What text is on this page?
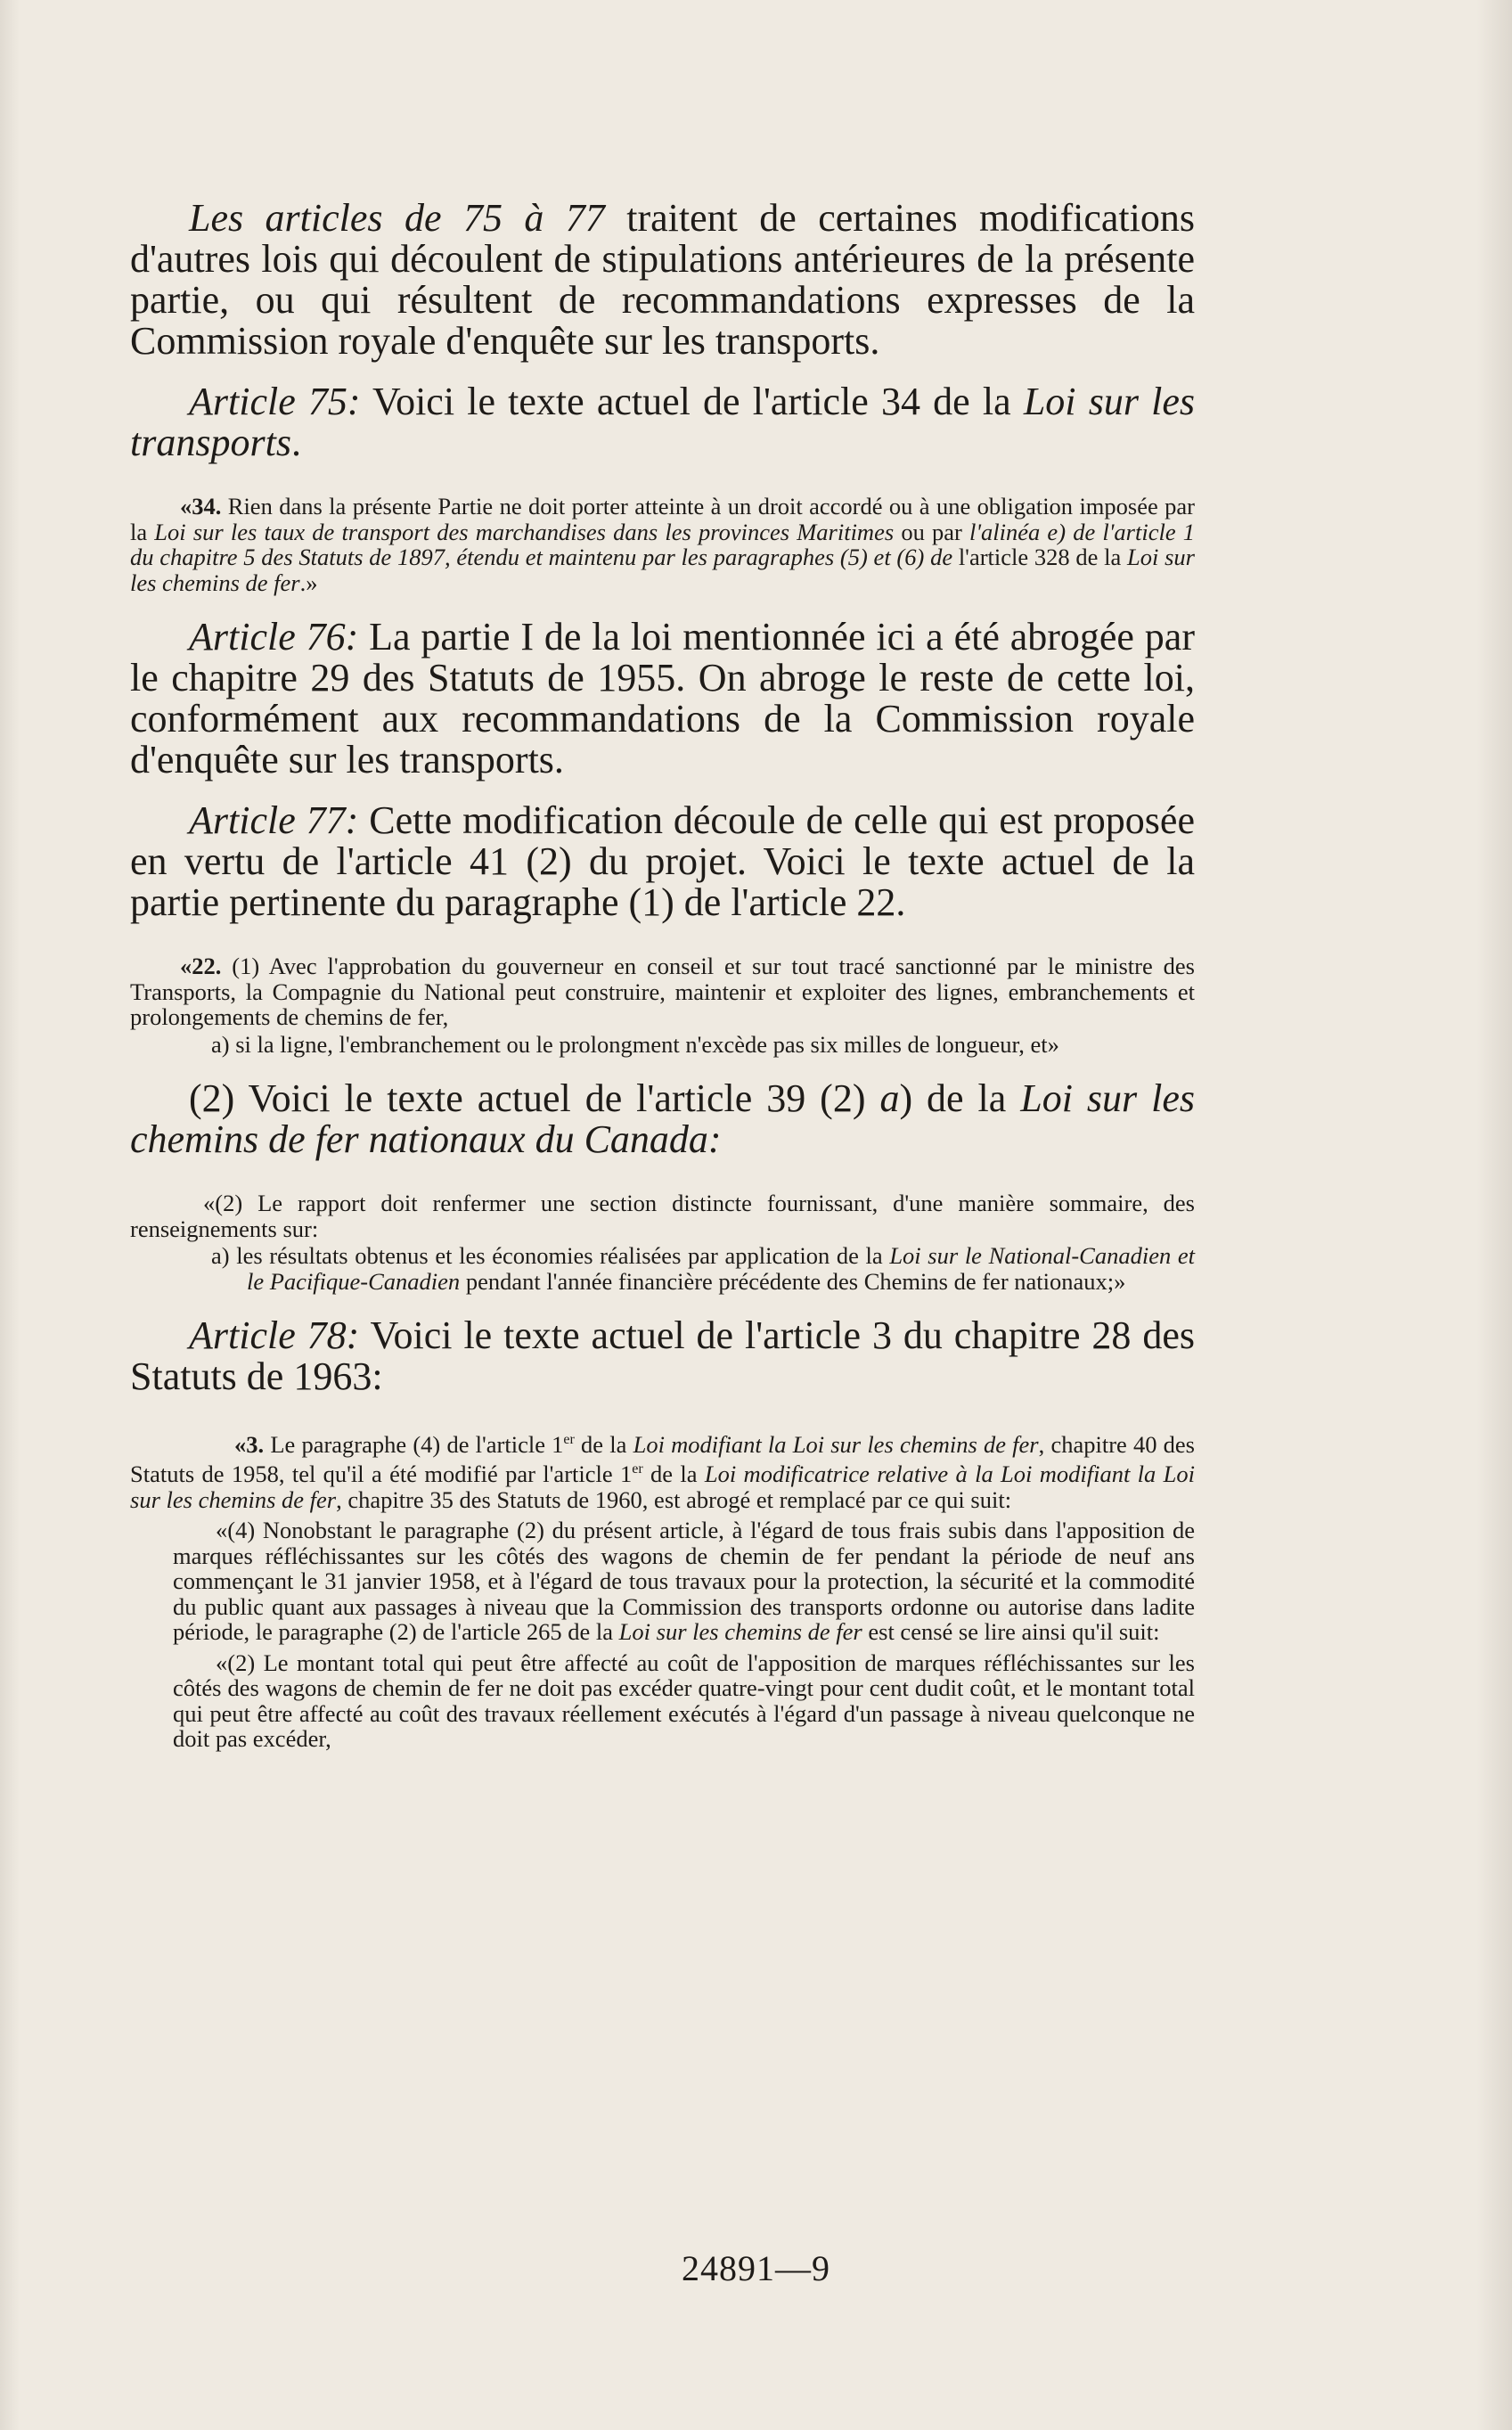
Les articles de 75 à 77 traitent de certaines modifications d'autres lois qui découlent de stipulations antérieures de la présente partie, ou qui résultent de recommandations expresses de la Commission royale d'enquête sur les transports.

Article 75: Voici le texte actuel de l'article 34 de la Loi sur les transports.

«34. Rien dans la présente Partie ne doit porter atteinte à un droit accordé ou à une obligation imposée par la Loi sur les taux de transport des marchandises dans les provinces Maritimes ou par l'alinéa e) de l'article 1 du chapitre 5 des Statuts de 1897, étendu et maintenu par les paragraphes (5) et (6) de l'article 328 de la Loi sur les chemins de fer.»

Article 76: La partie I de la loi mentionnée ici a été abrogée par le chapitre 29 des Statuts de 1955. On abroge le reste de cette loi, conformément aux recommandations de la Commission royale d'enquête sur les transports.

Article 77: Cette modification découle de celle qui est proposée en vertu de l'article 41 (2) du projet. Voici le texte actuel de la partie pertinente du paragraphe (1) de l'article 22.

«22. (1) Avec l'approbation du gouverneur en conseil et sur tout tracé sanctionné par le ministre des Transports, la Compagnie du National peut construire, maintenir et exploiter des lignes, embranchements et prolongements de chemins de fer,

a) si la ligne, l'embranchement ou le prolongment n'excède pas six milles de longueur, et»

(2) Voici le texte actuel de l'article 39 (2) a) de la Loi sur les chemins de fer nationaux du Canada:

«(2) Le rapport doit renfermer une section distincte fournissant, d'une manière sommaire, des renseignements sur:

a) les résultats obtenus et les économies réalisées par application de la Loi sur le National-Canadien et le Pacifique-Canadien pendant l'année financière précédente des Chemins de fer nationaux;»

Article 78: Voici le texte actuel de l'article 3 du chapitre 28 des Statuts de 1963:

«3. Le paragraphe (4) de l'article 1er de la Loi modifiant la Loi sur les chemins de fer, chapitre 40 des Statuts de 1958, tel qu'il a été modifié par l'article 1er de la Loi modificatrice relative à la Loi modifiant la Loi sur les chemins de fer, chapitre 35 des Statuts de 1960, est abrogé et remplacé par ce qui suit:

«(4) Nonobstant le paragraphe (2) du présent article, à l'égard de tous frais subis dans l'apposition de marques réfléchissantes sur les côtés des wagons de chemin de fer pendant la période de neuf ans commençant le 31 janvier 1958, et à l'égard de tous travaux pour la protection, la sécurité et la commodité du public quant aux passages à niveau que la Commission des transports ordonne ou autorise dans ladite période, le paragraphe (2) de l'article 265 de la Loi sur les chemins de fer est censé se lire ainsi qu'il suit:

«(2) Le montant total qui peut être affecté au coût de l'apposition de marques réfléchissantes sur les côtés des wagons de chemin de fer ne doit pas excéder quatre-vingt pour cent dudit coût, et le montant total qui peut être affecté au coût des travaux réellement exécutés à l'égard d'un passage à niveau quelconque ne doit pas excéder,

24891—9
